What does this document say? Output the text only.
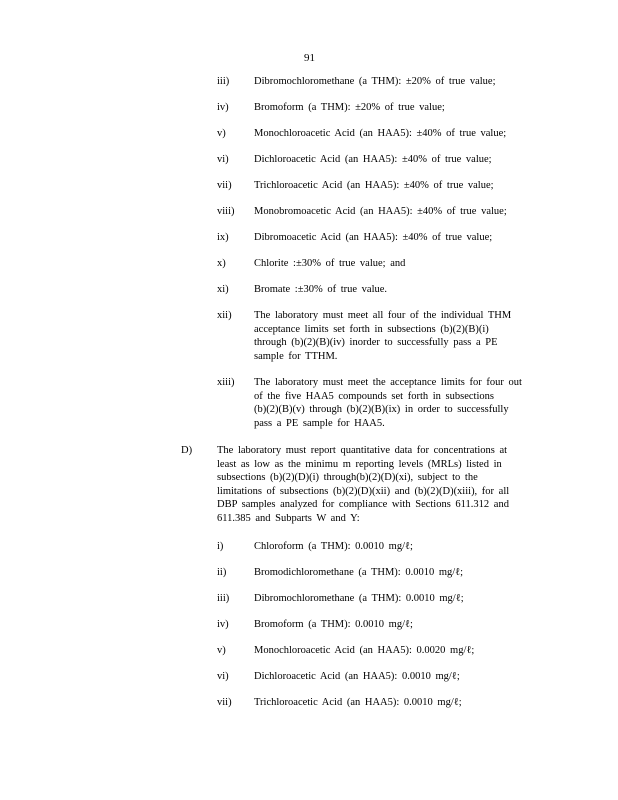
91
iii) Dibromochloromethane (a THM): ±20% of true value;
iv) Bromoform (a THM): ±20% of true value;
v)	Monochloroacetic Acid (an HAA5): ±40% of true value;
vi) Dichloroacetic Acid (an HAA5): ±40% of true value;
vii) Trichloroacetic Acid (an HAA5): ±40% of true value;
viii) Monobromoacetic Acid (an HAA5): ±40% of true value;
ix) Dibromoacetic Acid (an HAA5): ±40% of true value;
x)	Chlorite :±30% of true value; and
xi) Bromate :±30% of true value.
xii) The laboratory must meet all four of the individual THM
acceptance limits set forth in subsections (b)(2)(B)(i)
through (b)(2)(B)(iv) inorder to successfully pass a PE
sample for TTHM.
xiii) The laboratory must meet the acceptance limits for four out
of the five HAA5 compounds set forth in subsections
(b)(2)(B)(v) through (b)(2)(B)(ix) in order to successfully
pass a PE sample for HAA5.
D) The laboratory must report quantitative data for concentrations at
least as low as the minimu m reporting levels (MRLs) listed in
subsections (b)(2)(D)(i) through(b)(2)(D)(xi), subject to the
limitations of subsections (b)(2)(D)(xii) and (b)(2)(D)(xiii), for all
DBP samples analyzed for compliance with Sections 611.312 and
611.385 and Subparts W and Y:
i)	Chloroform (a THM): 0.0010 mg/ℓ;
ii)	Bromodichloromethane (a THM): 0.0010 mg/ℓ;
iii) Dibromochloromethane (a THM): 0.0010 mg/ℓ;
iv) Bromoform (a THM): 0.0010 mg/ℓ;
v)	Monochloroacetic Acid (an HAA5): 0.0020 mg/ℓ;
vi) Dichloroacetic Acid (an HAA5): 0.0010 mg/ℓ;
vii) Trichloroacetic Acid (an HAA5): 0.0010 mg/ℓ;
